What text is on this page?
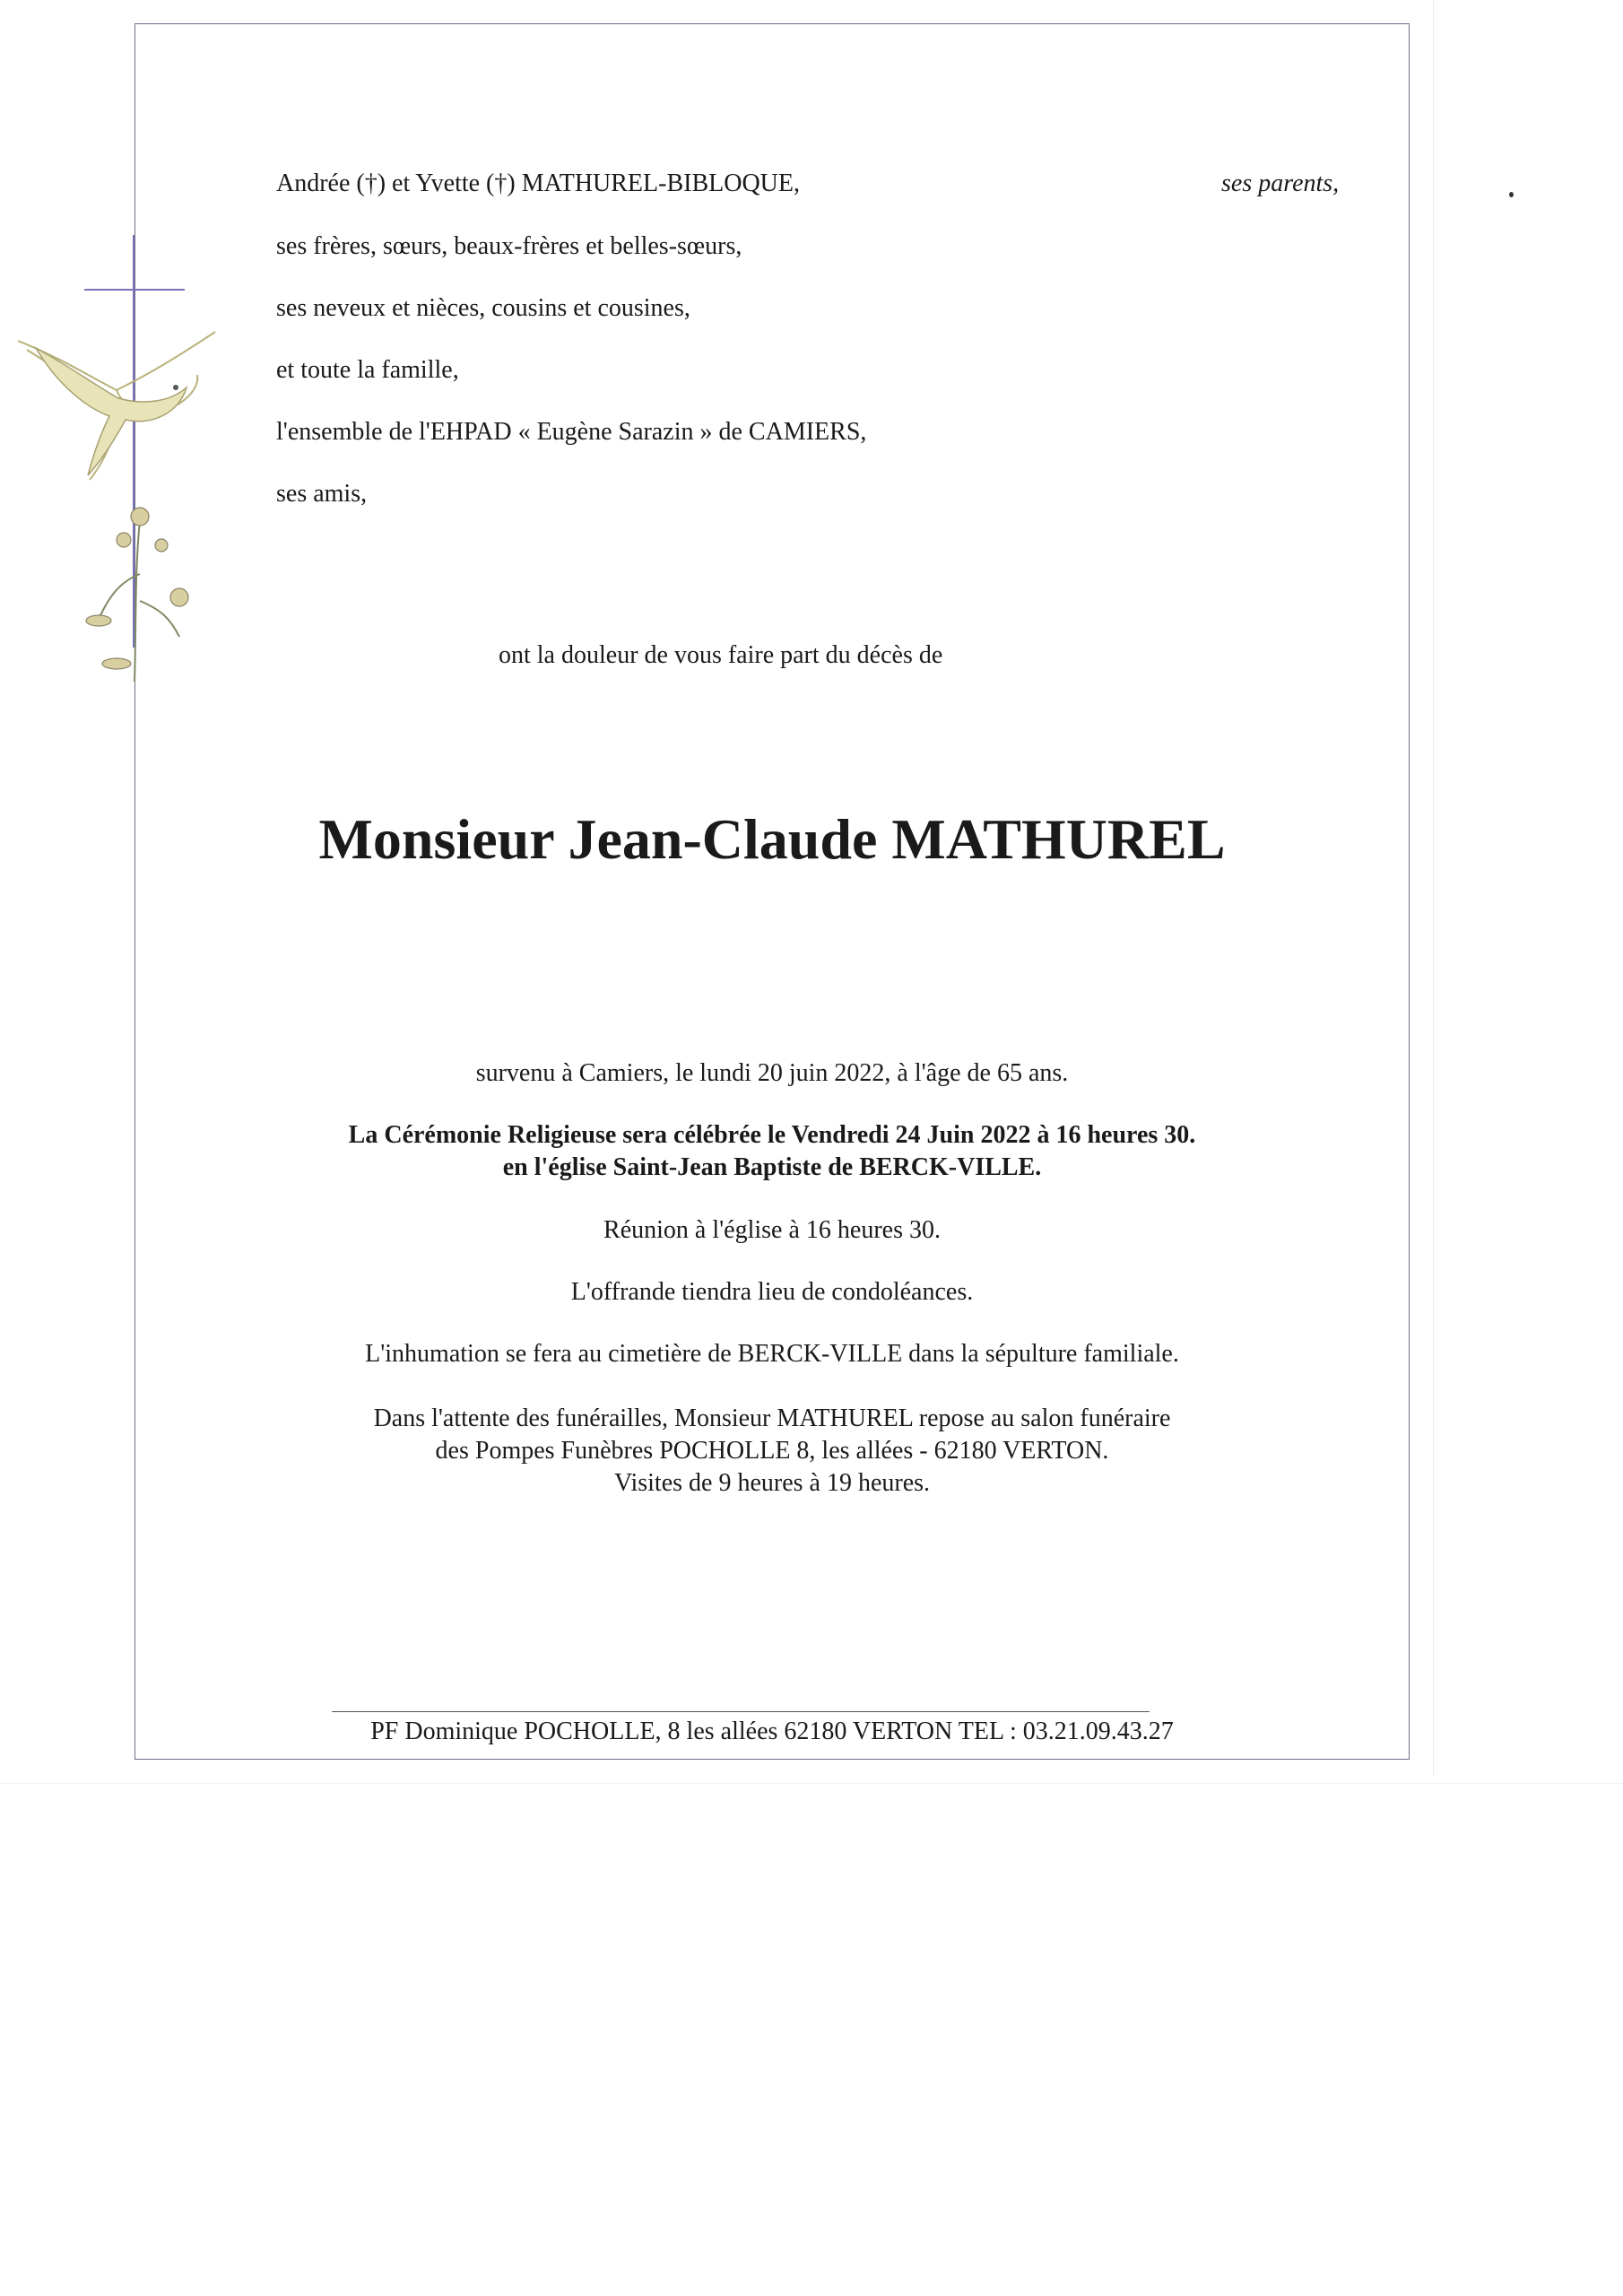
Andrée (†) et Yvette (†) MATHUREL-BIBLOQUE,	ses parents,
ses frères, sœurs, beaux-frères et belles-sœurs,
ses neveux et nièces, cousins et cousines,
et toute la famille,
l'ensemble de l'EHPAD « Eugène Sarazin » de CAMIERS,
ses amis,
ont la douleur de vous faire part du décès de
Monsieur Jean-Claude MATHUREL
survenu à Camiers, le lundi 20 juin 2022, à l'âge de 65 ans.
La Cérémonie Religieuse sera célébrée le Vendredi 24 Juin 2022 à 16 heures 30.
en l'église Saint-Jean Baptiste de BERCK-VILLE.
Réunion à l'église à 16 heures 30.
L'offrande tiendra lieu de condoléances.
L'inhumation se fera au cimetière de BERCK-VILLE dans la sépulture familiale.
Dans l'attente des funérailles, Monsieur MATHUREL repose au salon funéraire
des Pompes Funèbres POCHOLLE 8, les allées - 62180 VERTON.
Visites de 9 heures à 19 heures.
PF Dominique POCHOLLE, 8 les allées 62180 VERTON TEL : 03.21.09.43.27
